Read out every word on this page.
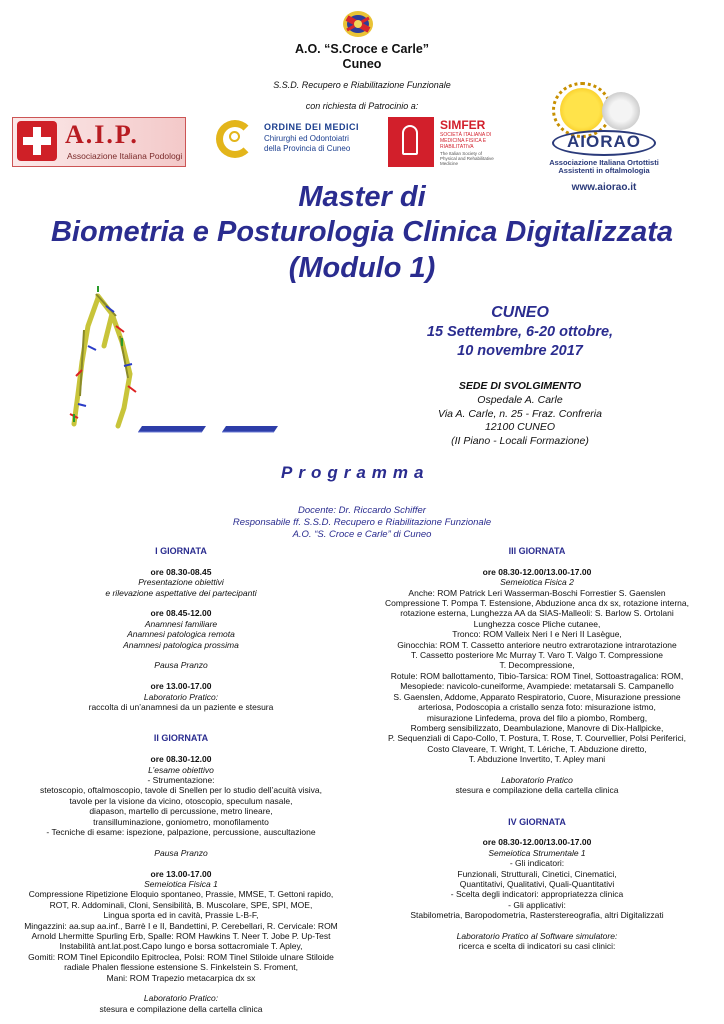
A.O. “S.Croce e Carle”
Cuneo
S.S.D. Recupero e Riabilitazione Funzionale
con richiesta di Patrocinio a:
A.I.P.
Associazione Italiana Podologi
ORDINE DEI MEDICI
Chirurghi ed Odontoiatri
della Provincia di Cuneo
SIMFER
SOCIETÀ ITALIANA DI MEDICINA FISICA E RIABILITATIVA
The Italian Society of Physical and Rehabilitative Medicine
AIORAO
Associazione Italiana Ortottisti
Assistenti in oftalmologia
www.aiorao.it
Master di
Biometria e Posturologia Clinica Digitalizzata
(Modulo 1)
CUNEO
15 Settembre, 6-20 ottobre,
10 novembre 2017
SEDE DI SVOLGIMENTO
Ospedale A. Carle
Via A. Carle, n. 25 - Fraz. Confreria
12100 CUNEO
(II Piano - Locali Formazione)
Programma
Docente: Dr. Riccardo Schiffer
Responsabile ff. S.S.D. Recupero e Riabilitazione Funzionale
A.O. “S. Croce e Carle” di Cuneo
I GIORNATA

ore 08.30-08.45
Presentazione obiettivi
e rilevazione aspettative dei partecipanti

ore 08.45-12.00
Anamnesi familiare
Anamnesi patologica remota
Anamnesi patologica prossima

Pausa Pranzo

ore 13.00-17.00
Laboratorio Pratico:
raccolta di un’anamnesi da un paziente e stesura

II GIORNATA

ore 08.30-12.00
L’esame obiettivo
- Strumentazione:
stetoscopio, oftalmoscopio, tavole di Snellen per lo studio dell’acuità visiva,
tavole per la visione da vicino, otoscopio, speculum nasale,
diapason, martello di percussione, metro lineare,
transilluminazione, goniometro, monofilamento
- Tecniche di esame: ispezione, palpazione, percussione, auscultazione

Pausa Pranzo

ore 13.00-17.00
Semeiotica Fisica 1
Compressione Ripetizione Eloquio spontaneo, Prassie, MMSE, T. Gettoni rapido,
ROT, R. Addominali, Cloni, Sensibilità, B. Muscolare, SPE, SPI, MOE,
Lingua sporta ed in cavità, Prassie L-B-F,
Mingazzini: aa.sup aa.inf., Barrè I e II, Bandettini, P. Cerebellari, R. Cervicale: ROM
Arnold Lhermitte Spurling Erb, Spalle: ROM Hawkins T. Neer T. Jobe P. Up-Test
Instabilità ant.lat.post.Capo lungo e borsa sottacromiale T. Apley,
Gomiti: ROM Tinel Epicondilo Epitroclea, Polsi: ROM Tinel Stiloide ulnare Stiloide
radiale Phalen flessione estensione S. Finkelstein S. Froment,
Mani: ROM Trapezio metacarpica dx sx

Laboratorio Pratico:
stesura e compilazione della cartella clinica
III GIORNATA

ore 08.30-12.00/13.00-17.00
Semeiotica Fisica 2
Anche: ROM Patrick Leri Wasserman-Boschi Forrestier S. Gaenslen
Compressione T. Pompa T. Estensione, Abduzione anca dx sx, rotazione interna,
rotazione esterna, Lunghezza AA da SIAS-Malleoli: S. Barlow S. Ortolani
Lunghezza cosce Pliche cutanee,
Tronco: ROM Valleix Neri I e Neri II Lasègue,
Ginocchia: ROM T. Cassetto anteriore neutro extrarotazione intrarotazione
T. Cassetto posteriore Mc Murray T. Varo T. Valgo T. Compressione
T. Decompressione,
Rotule: ROM ballottamento, Tibio-Tarsica: ROM Tinel, Sottoastragalica: ROM,
Mesopiede: navicolo-cuneiforme, Avampiede: metatarsali S. Campanello
S. Gaenslen, Addome, Apparato Respiratorio, Cuore, Misurazione pressione
arteriosa, Podoscopia a cristallo senza foto: misurazione istmo,
misurazione Linfedema, prova del filo a piombo, Romberg,
Romberg sensibilizzato, Deambulazione, Manovre di Dix-Hallpicke,
P. Sequenziali di Capo-Collo, T. Postura, T. Rose, T. Courvellier, Polsi Periferici,
Costo Claveare, T. Wright, T. Lériche, T. Abduzione diretto,
T. Abduzione Invertito, T. Apley mani

Laboratorio Pratico
stesura e compilazione della cartella clinica

IV GIORNATA

ore 08.30-12.00/13.00-17.00
Semeiotica Strumentale 1
- Gli indicatori:
Funzionali, Strutturali, Cinetici, Cinematici,
Quantitativi, Qualitativi, Quali-Quantitativi
- Scelta degli indicatori: appropriatezza clinica
- Gli applicativi:
Stabilometria, Baropodometria, Rasterstereografia, altri Digitalizzati

Laboratorio Pratico al Software simulatore:
ricerca e scelta di indicatori su casi clinici:
